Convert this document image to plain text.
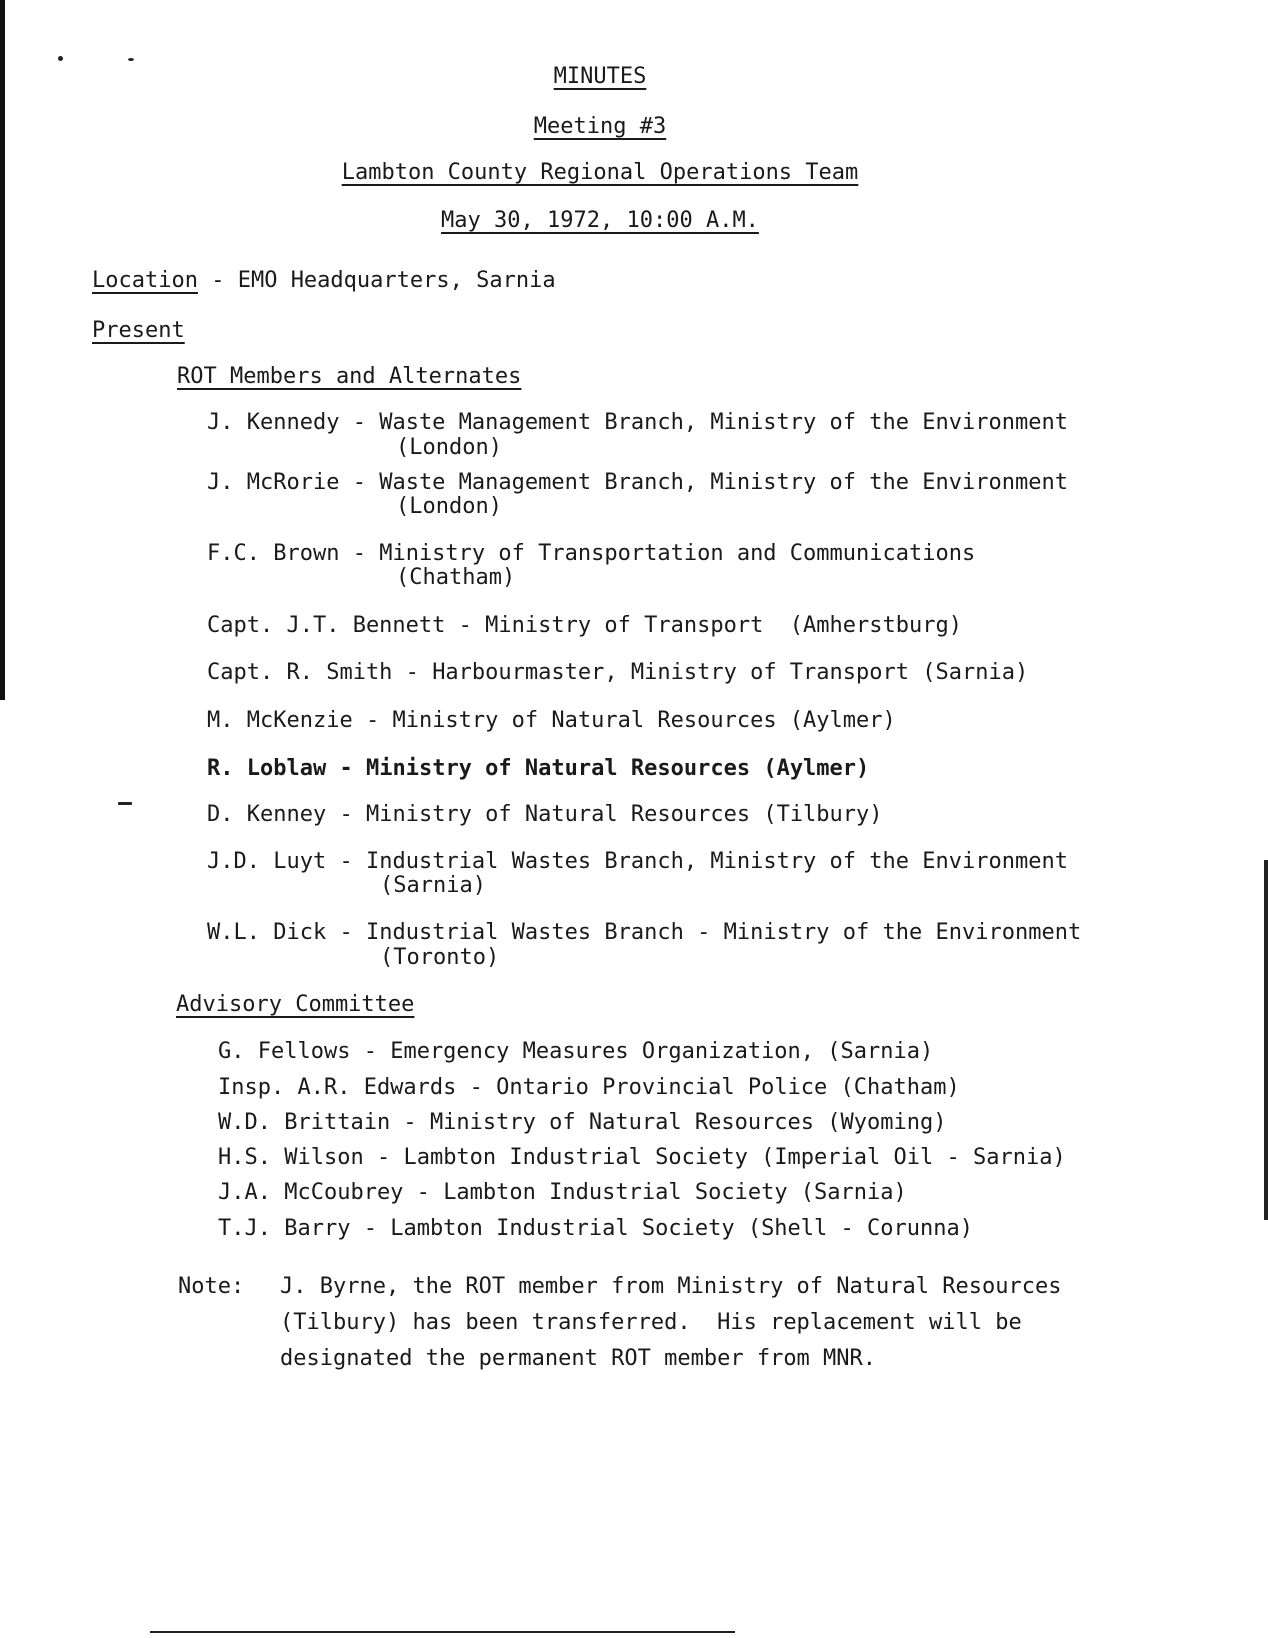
MINUTES
Meeting #3
Lambton County Regional Operations Team
May 30, 1972, 10:00 A.M.
Location - EMO Headquarters, Sarnia
Present
ROT Members and Alternates
J. Kennedy - Waste Management Branch, Ministry of the Environment
(London)
J. McRorie - Waste Management Branch, Ministry of the Environment
(London)
F.C. Brown - Ministry of Transportation and Communications
(Chatham)
Capt. J.T. Bennett - Ministry of Transport  (Amherstburg)
Capt. R. Smith - Harbourmaster, Ministry of Transport (Sarnia)
M. McKenzie - Ministry of Natural Resources (Aylmer)
R. Loblaw - Ministry of Natural Resources (Aylmer)
D. Kenney - Ministry of Natural Resources (Tilbury)
J.D. Luyt - Industrial Wastes Branch, Ministry of the Environment
(Sarnia)
W.L. Dick - Industrial Wastes Branch - Ministry of the Environment
(Toronto)
Advisory Committee
G. Fellows - Emergency Measures Organization, (Sarnia)
Insp. A.R. Edwards - Ontario Provincial Police (Chatham)
W.D. Brittain - Ministry of Natural Resources (Wyoming)
H.S. Wilson - Lambton Industrial Society (Imperial Oil - Sarnia)
J.A. McCoubrey - Lambton Industrial Society (Sarnia)
T.J. Barry - Lambton Industrial Society (Shell - Corunna)
Note: J. Byrne, the ROT member from Ministry of Natural Resources
(Tilbury) has been transferred.  His replacement will be
designated the permanent ROT member from MNR.
